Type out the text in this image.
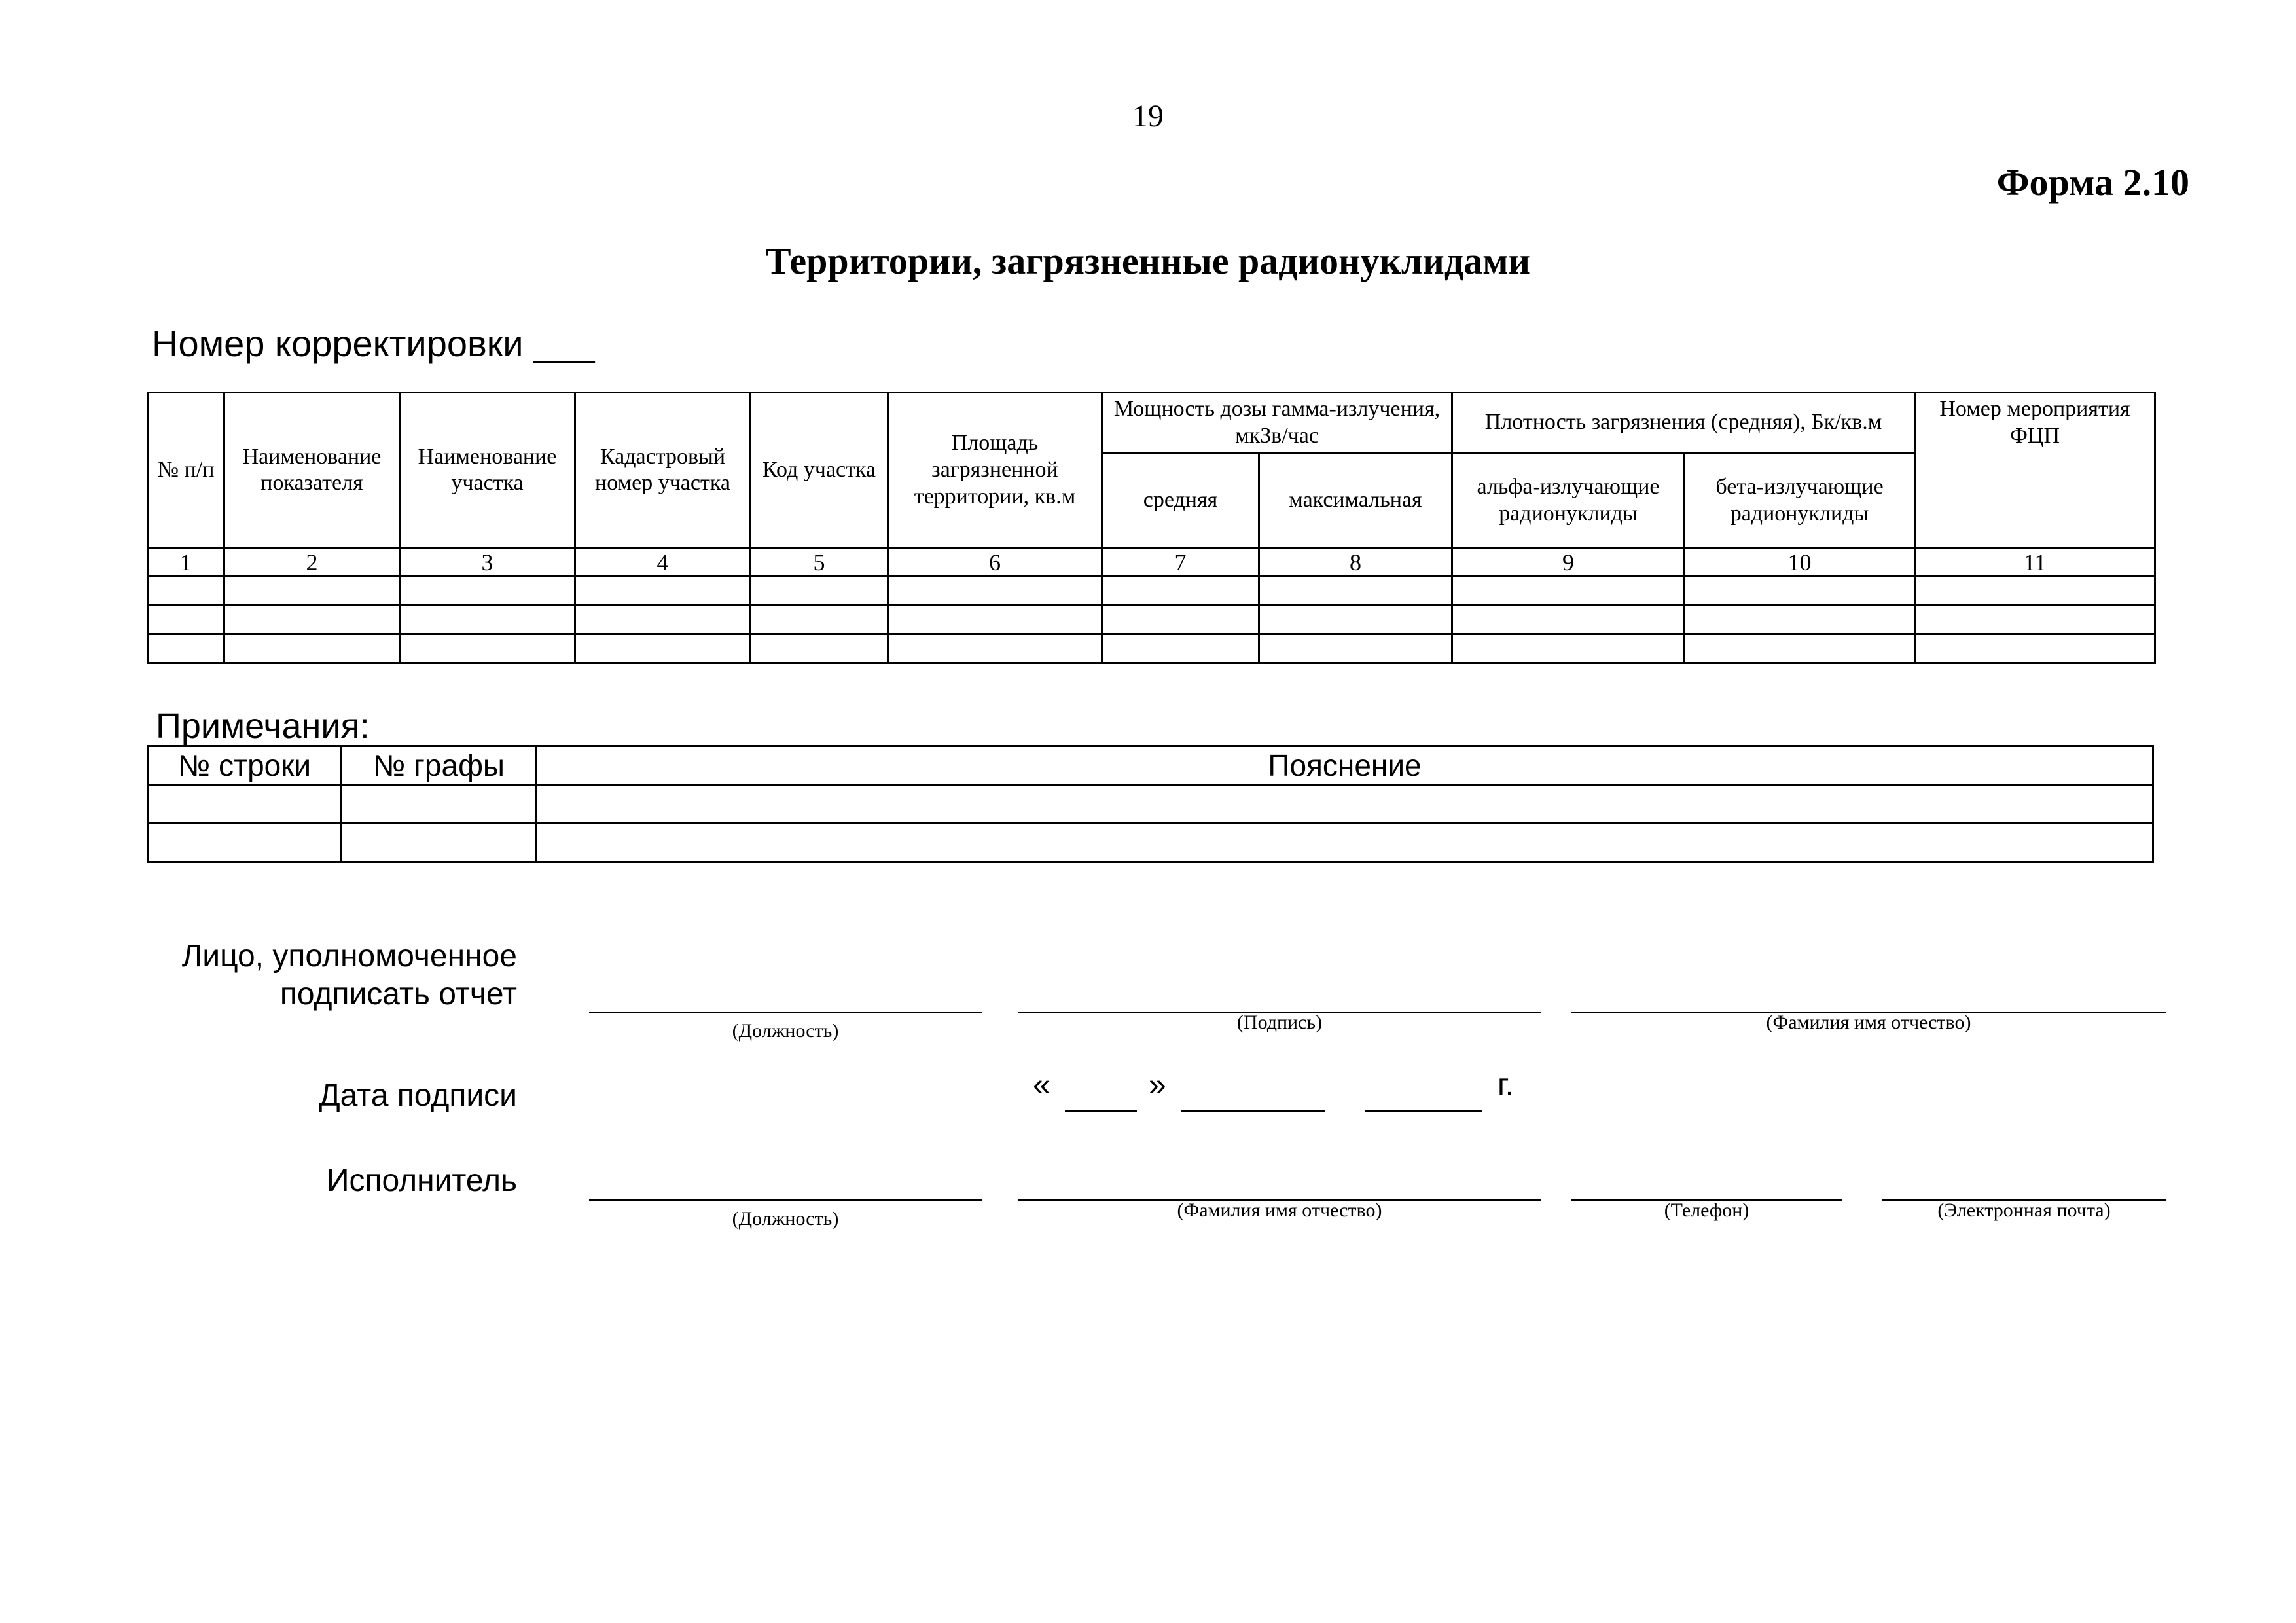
19
Форма 2.10
Территории, загрязненные радионуклидами
Номер корректировки ___
№ п/п	Наименование показателя	Наименование участка	Кадастровый номер участка	Код участка	Площадь загрязненной территории, кв.м	Мощность дозы гамма-излучения, мкЗв/час		Плотность загрязнения (средняя), Бк/кв.м		Номер мероприятия ФЦП
						средняя	максимальная	альфа-излучающие радионуклиды	бета-излучающие радионуклиды	
1	2	3	4	5	6	7	8	9	10	11

Примечания:
№ строки	№ графы	Пояснение

Лицо, уполномоченное подписать отчет
(Должность)	(Подпись)	(Фамилия имя отчество)
Дата подписи	«	»	г.
Исполнитель
(Должность)	(Фамилия имя отчество)	(Телефон)	(Электронная почта)
